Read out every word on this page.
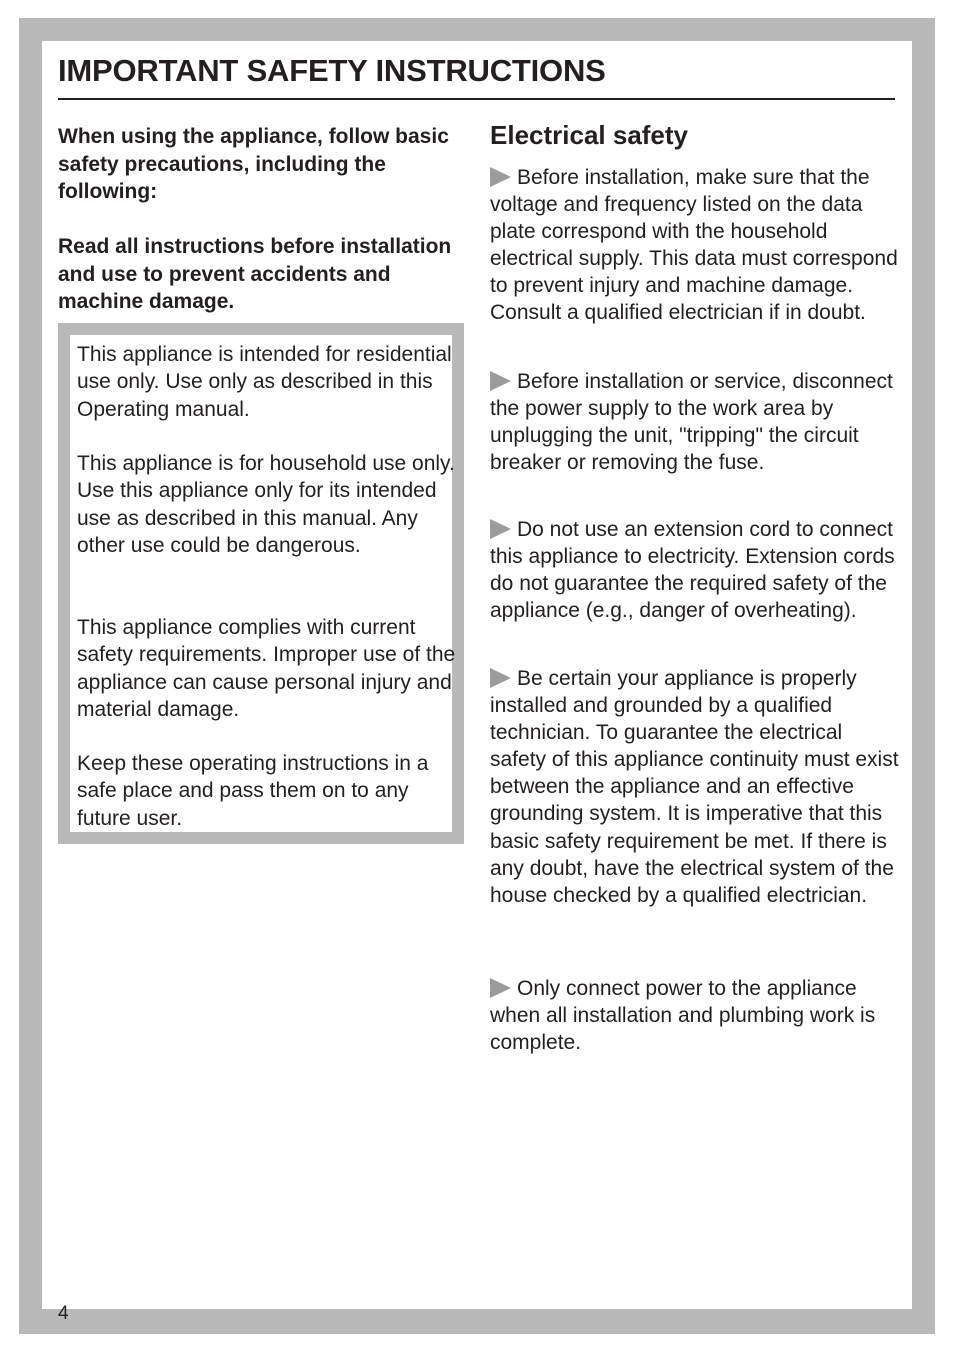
IMPORTANT SAFETY INSTRUCTIONS

When using the appliance, follow basic safety precautions, including the following:

Read all instructions before installation and use to prevent accidents and machine damage.

This appliance is intended for residential use only. Use only as described in this Operating manual.

This appliance is for household use only. Use this appliance only for its intended use as described in this manual. Any other use could be dangerous.

This appliance complies with current safety requirements. Improper use of the appliance can cause personal injury and material damage.

Keep these operating instructions in a safe place and pass them on to any future user.

Electrical safety

Before installation, make sure that the voltage and frequency listed on the data plate correspond with the household electrical supply. This data must correspond to prevent injury and machine damage. Consult a qualified electrician if in doubt.

Before installation or service, disconnect the power supply to the work area by unplugging the unit, "tripping" the circuit breaker or removing the fuse.

Do not use an extension cord to connect this appliance to electricity. Extension cords do not guarantee the required safety of the appliance (e.g., danger of overheating).

Be certain your appliance is properly installed and grounded by a qualified technician. To guarantee the electrical safety of this appliance continuity must exist between the appliance and an effective grounding system. It is imperative that this basic safety requirement be met. If there is any doubt, have the electrical system of the house checked by a qualified electrician.

Only connect power to the appliance when all installation and plumbing work is complete.

4
